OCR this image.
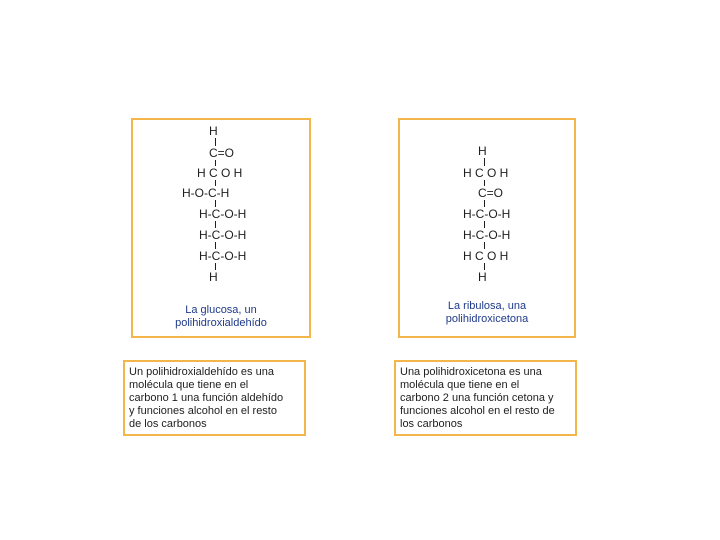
H
C=O
H C O H
H-O-C-H
H-C-O-H
H-C-O-H
H-C-O-H
H
La glucosa, un
polihidroxialdehído
H
H C O H
C=O
H-C-O-H
H-C-O-H
H C O H
H
La ribulosa, una
polihidroxicetona
Un polihidroxialdehído es una
molécula que tiene en el
carbono 1 una función aldehído
y funciones alcohol en el resto
de los carbonos
Una polihidroxicetona es una
molécula que tiene en el
carbono 2 una función cetona y
funciones alcohol en el resto de
los carbonos
